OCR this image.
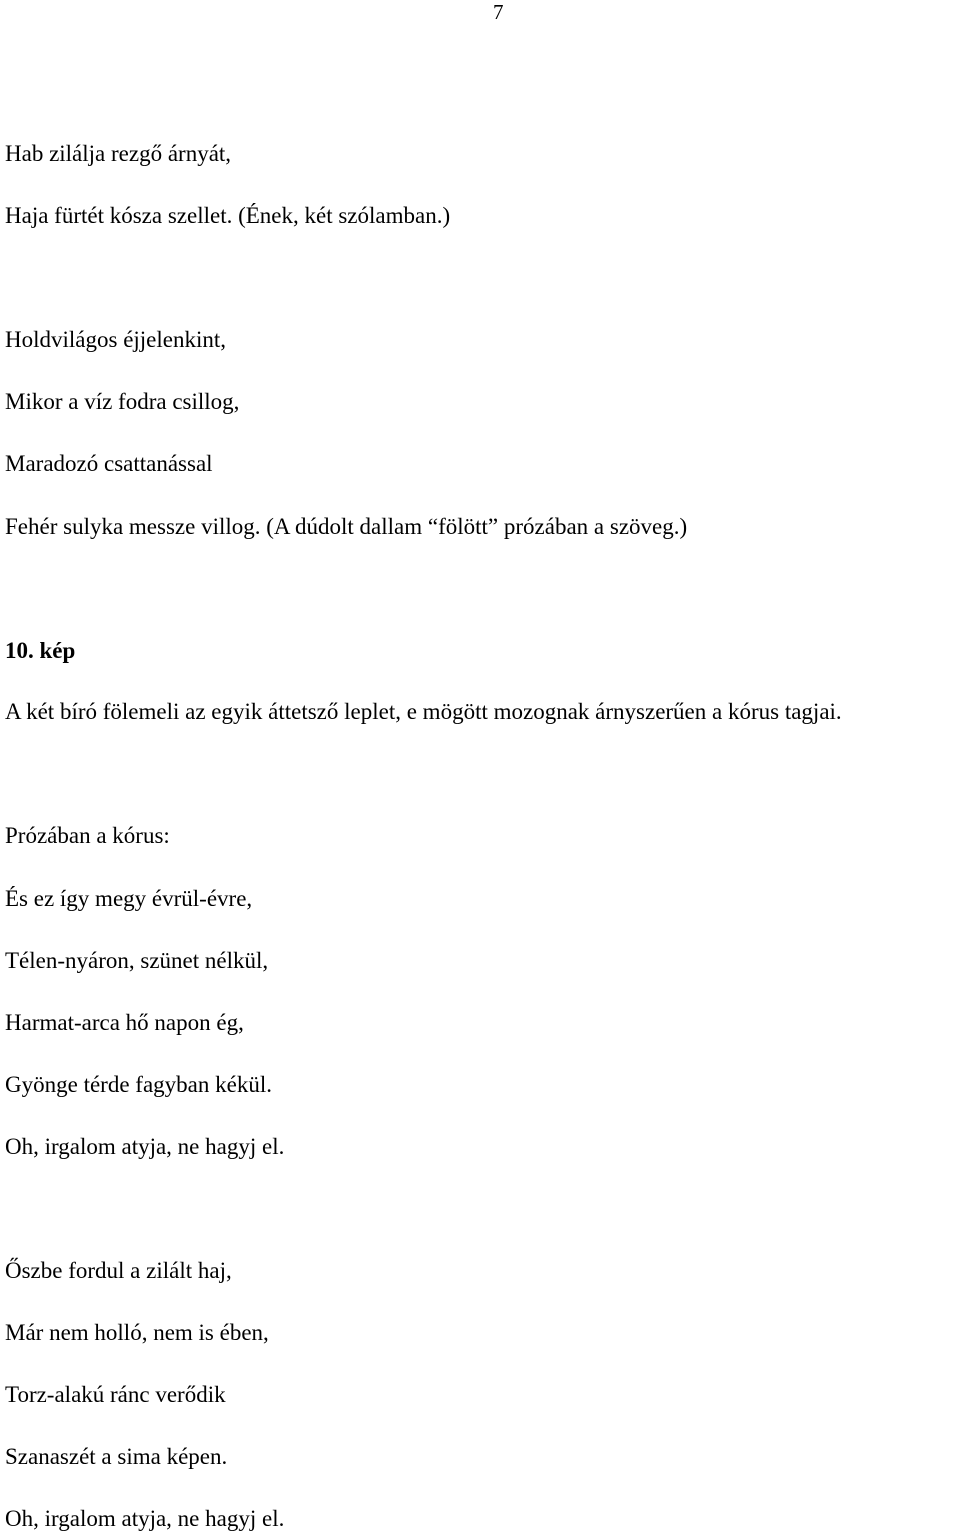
7
Hab zilálja rezgő árnyát,
Haja fürtét kósza szellet. (Ének, két szólamban.)
Holdvilágos éjjelenkint,
Mikor a víz fodra csillog,
Maradozó csattanással
Fehér sulyka messze villog. (A dúdolt dallam “fölött” prózában a szöveg.)
10. kép
A két bíró fölemeli az egyik áttetsző leplet, e mögött mozognak árnyszerűen a kórus tagjai.
Prózában a kórus:
És ez így megy évrül-évre,
Télen-nyáron, szünet nélkül,
Harmat-arca hő napon ég,
Gyönge térde fagyban kékül.
Oh, irgalom atyja, ne hagyj el.
Őszbe fordul a zilált haj,
Már nem holló, nem is ében,
Torz-alakú ránc verődik
Szanaszét a sima képen.
Oh, irgalom atyja, ne hagyj el.
